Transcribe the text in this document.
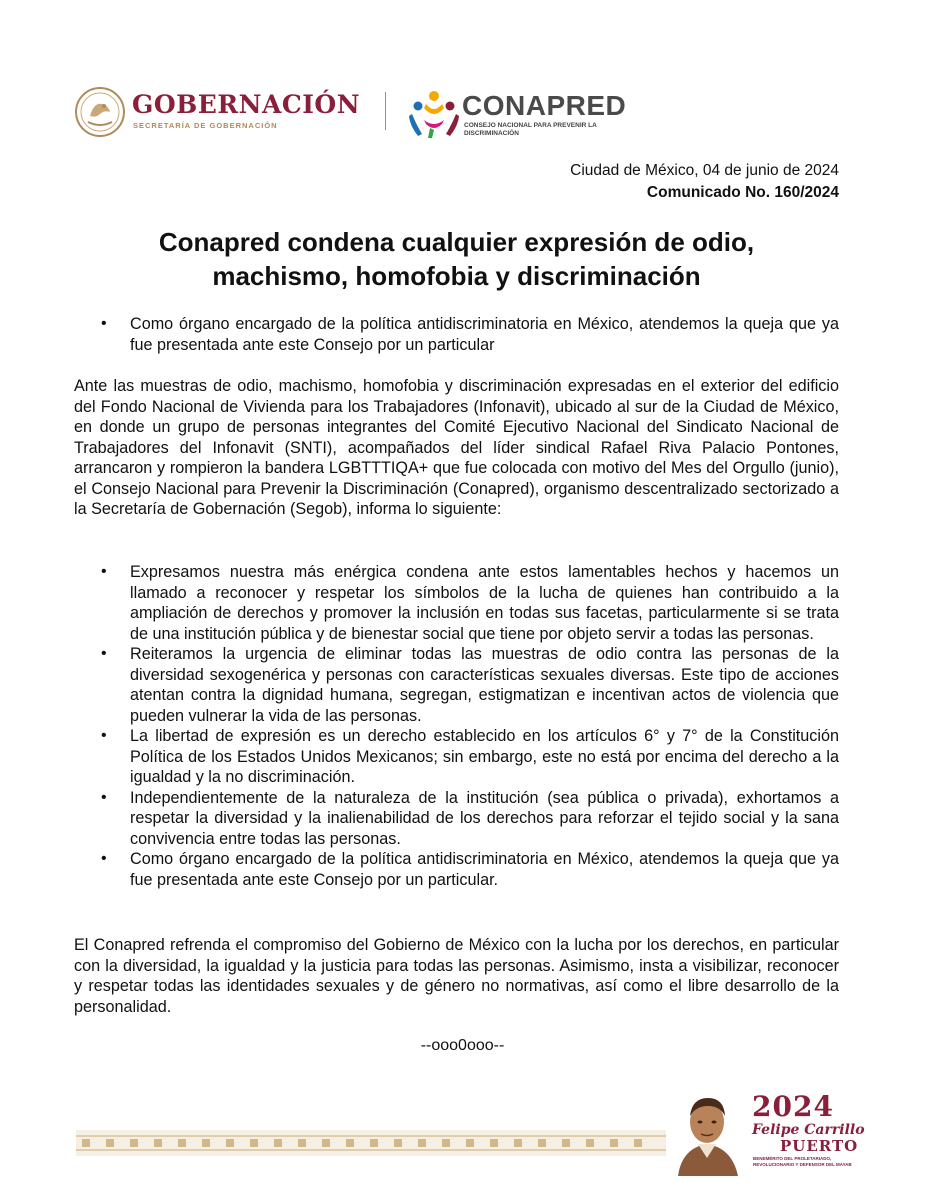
GOBERNACIÓN
SECRETARÍA DE GOBERNACIÓN
CONAPRED
CONSEJO NACIONAL PARA PREVENIR LA DISCRIMINACIÓN
Ciudad de México, 04 de junio de 2024
Comunicado No. 160/2024
Conapred condena cualquier expresión de odio,
machismo, homofobia y discriminación
• Como órgano encargado de la política antidiscriminatoria en México, atendemos la queja que ya fue presentada ante este Consejo por un particular
Ante las muestras de odio, machismo, homofobia y discriminación expresadas en el exterior del edificio del Fondo Nacional de Vivienda para los Trabajadores (Infonavit), ubicado al sur de la Ciudad de México, en donde un grupo de personas integrantes del Comité Ejecutivo Nacional del Sindicato Nacional de Trabajadores del Infonavit (SNTI), acompañados del líder sindical Rafael Riva Palacio Pontones, arrancaron y rompieron la bandera LGBTTTIQA+ que fue colocada con motivo del Mes del Orgullo (junio), el Consejo Nacional para Prevenir la Discriminación (Conapred), organismo descentralizado sectorizado a la Secretaría de Gobernación (Segob), informa lo siguiente:
• Expresamos nuestra más enérgica condena ante estos lamentables hechos y hacemos un llamado a reconocer y respetar los símbolos de la lucha de quienes han contribuido a la ampliación de derechos y promover la inclusión en todas sus facetas, particularmente si se trata de una institución pública y de bienestar social que tiene por objeto servir a todas las personas.
• Reiteramos la urgencia de eliminar todas las muestras de odio contra las personas de la diversidad sexogenérica y personas con características sexuales diversas. Este tipo de acciones atentan contra la dignidad humana, segregan, estigmatizan e incentivan actos de violencia que pueden vulnerar la vida de las personas.
• La libertad de expresión es un derecho establecido en los artículos 6° y 7° de la Constitución Política de los Estados Unidos Mexicanos; sin embargo, este no está por encima del derecho a la igualdad y la no discriminación.
• Independientemente de la naturaleza de la institución (sea pública o privada), exhortamos a respetar la diversidad y la inalienabilidad de los derechos para reforzar el tejido social y la sana convivencia entre todas las personas.
• Como órgano encargado de la política antidiscriminatoria en México, atendemos la queja que ya fue presentada ante este Consejo por un particular.
El Conapred refrenda el compromiso del Gobierno de México con la lucha por los derechos, en particular con la diversidad, la igualdad y la justicia para todas las personas. Asimismo, insta a visibilizar, reconocer y respetar todas las identidades sexuales y de género no normativas, así como el libre desarrollo de la personalidad.
--ooo0ooo--
2024
Felipe Carrillo
PUERTO
BENEMÉRITO DEL PROLETARIADO, REVOLUCIONARIO Y DEFENSOR DEL MAYAB
